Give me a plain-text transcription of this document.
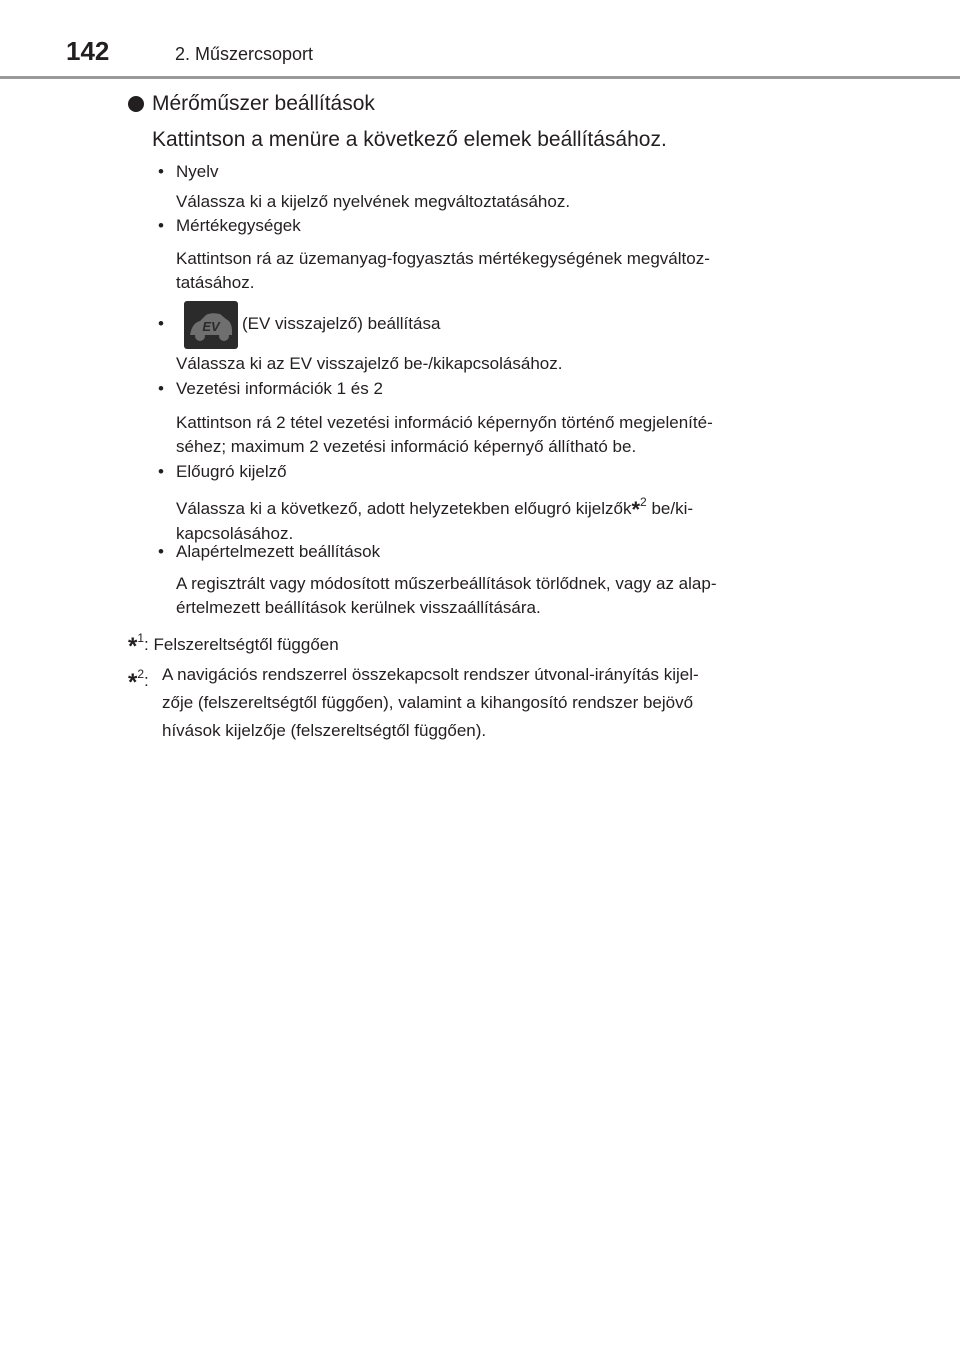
142	2. Műszercsoport
Mérőműszer beállítások
Kattintson a menüre a következő elemek beállításához.
• Nyelv
Válassza ki a kijelző nyelvének megváltoztatásához.
• Mértékegységek
Kattintson rá az üzemanyag-fogyasztás mértékegységének megváltoz-
tatásához.
•	EV (EV visszajelző) beállítása
Válassza ki az EV visszajelző be-/kikapcsolásához.
• Vezetési információk 1 és 2
Kattintson rá 2 tétel vezetési információ képernyőn történő megjeleníté-
séhez; maximum 2 vezetési információ képernyő állítható be.
• Előugró kijelző
Válassza ki a következő, adott helyzetekben előugró kijelzők*$^2$ be/ki-
kapcsolásához.
• Alapértelmezett beállítások
A regisztrált vagy módosított műszerbeállítások törlődnek, vagy az alap-
értelmezett beállítások kerülnek visszaállítására.
*$^1$: Felszereltségtől függően
*$^2$: A navigációs rendszerrel összekapcsolt rendszer útvonal-irányítás kijel-
zője (felszereltségtől függően), valamint a kihangosító rendszer bejövő
hívások kijelzője (felszereltségtől függően).
